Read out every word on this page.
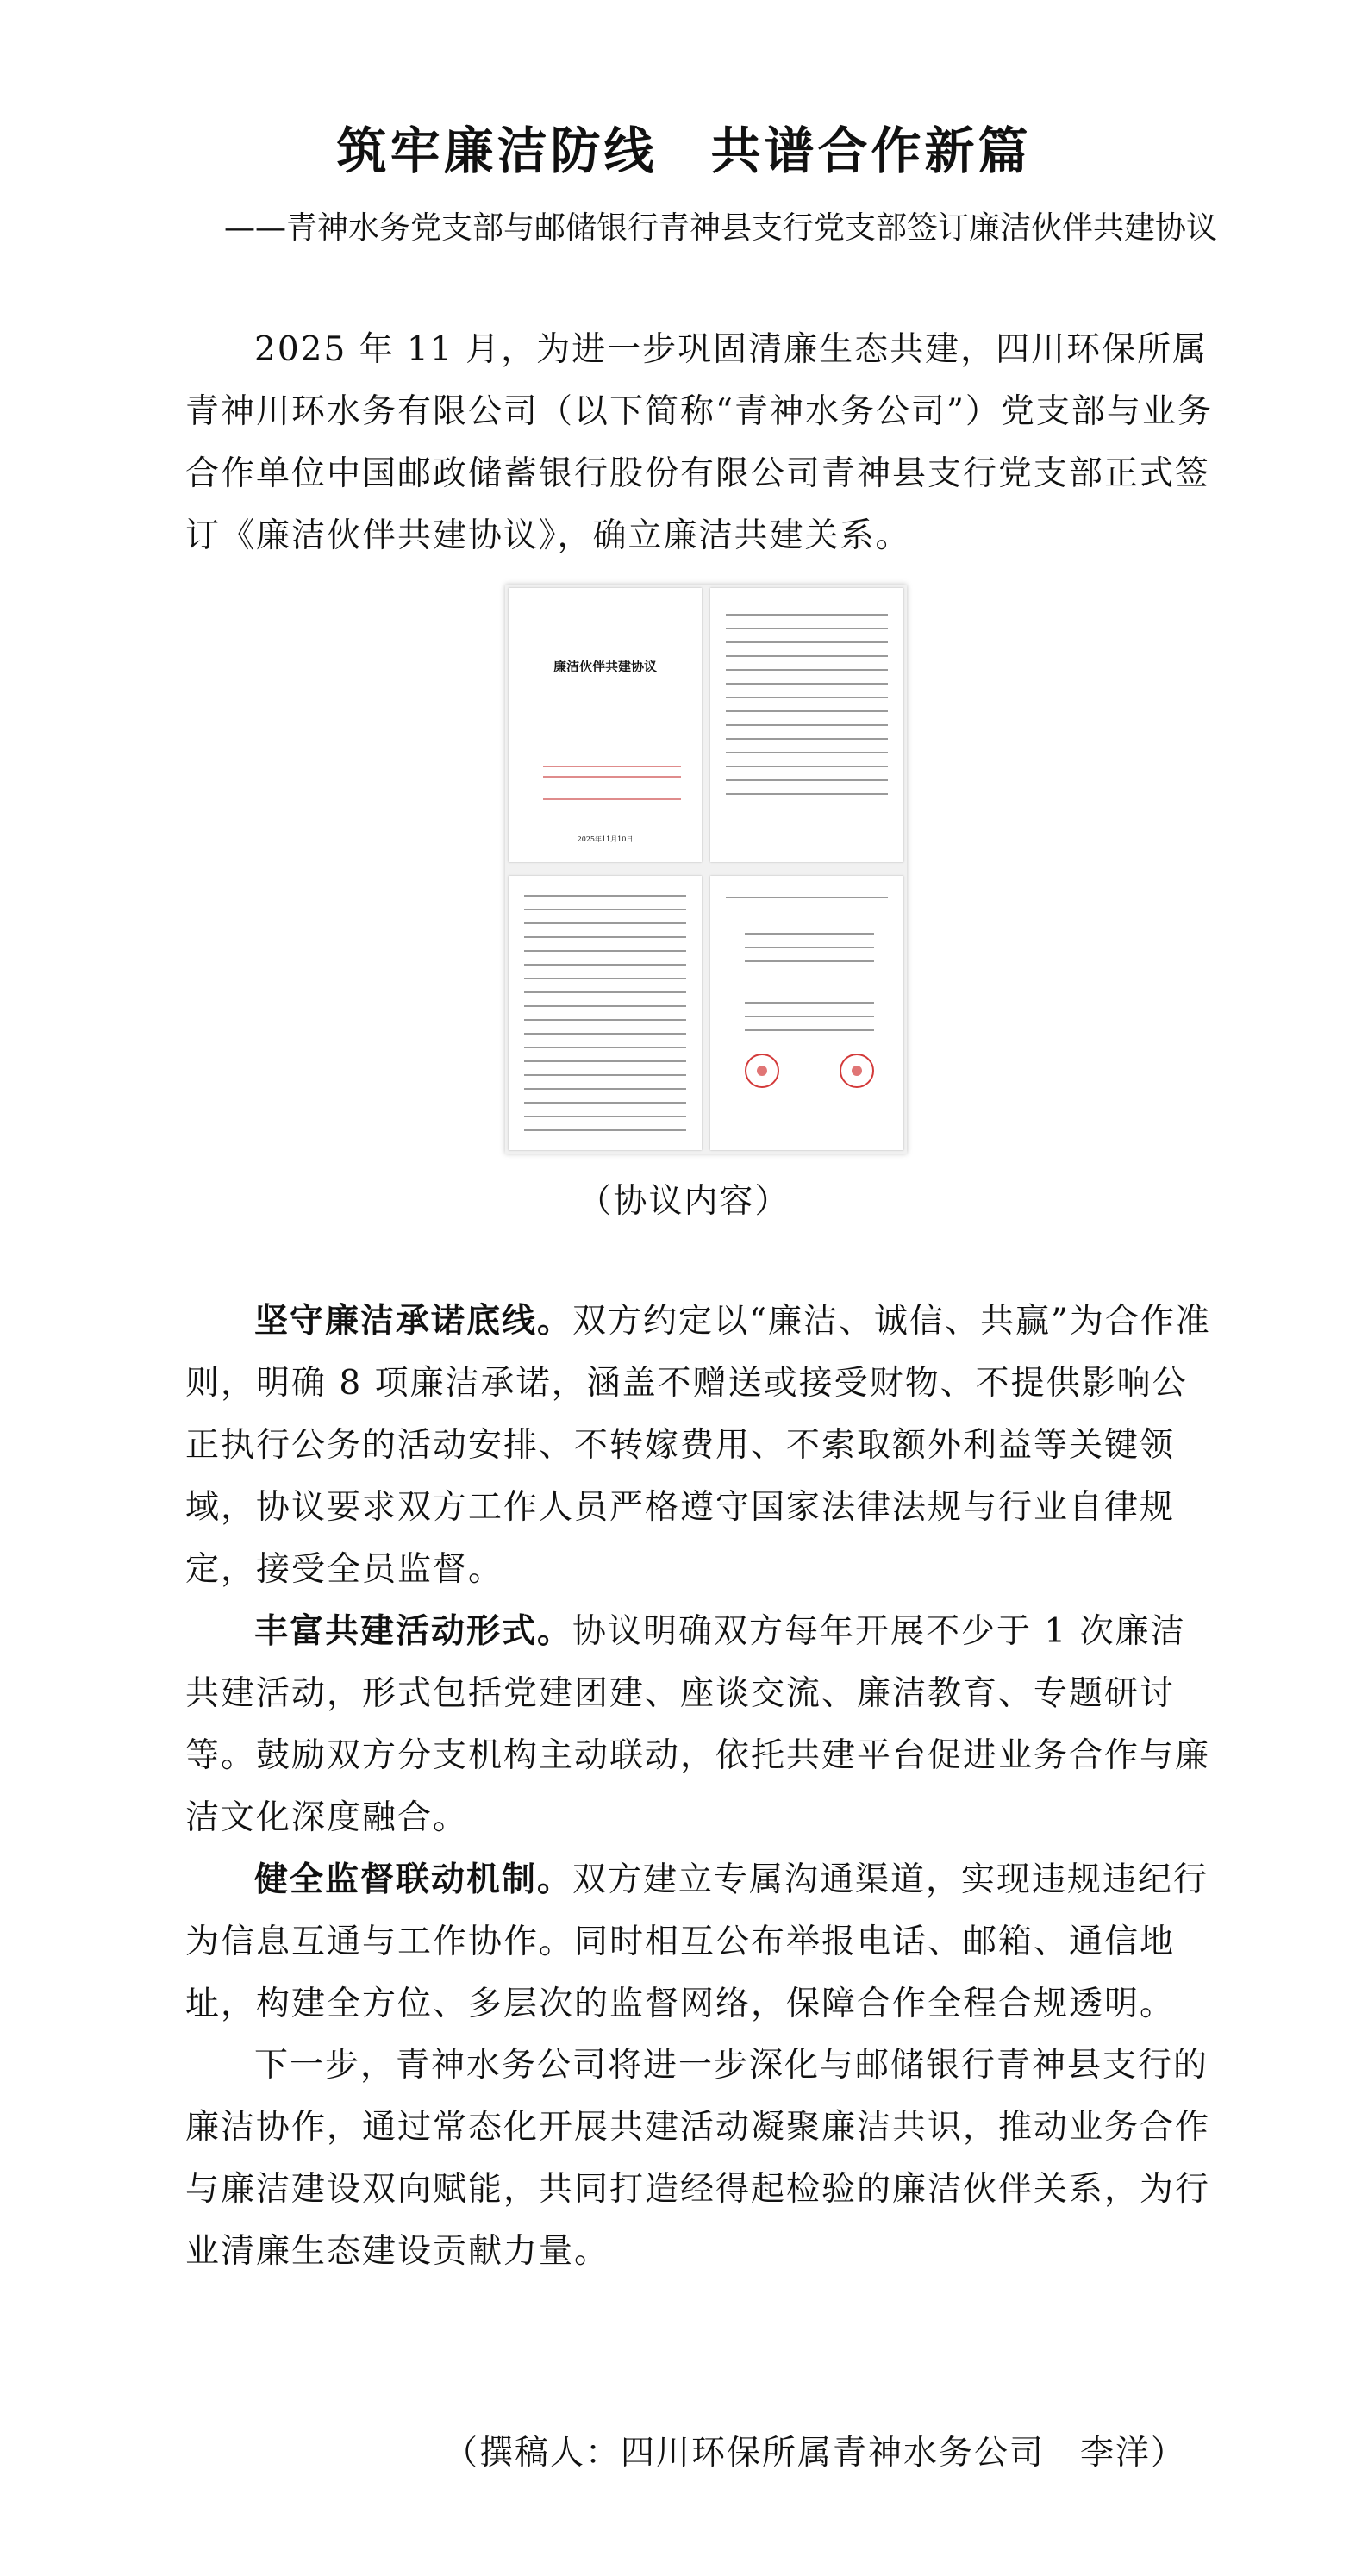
筑牢廉洁防线　共谱合作新篇
——青神水务党支部与邮储银行青神县支行党支部签订廉洁伙伴共建协议

2025 年 11 月，为进一步巩固清廉生态共建，四川环保所属青神川环水务有限公司（以下简称“青神水务公司”）党支部与业务合作单位中国邮政储蓄银行股份有限公司青神县支行党支部正式签订《廉洁伙伴共建协议》，确立廉洁共建关系。

廉洁伙伴共建协议
2025年11月10日
（协议内容）

坚守廉洁承诺底线。双方约定以“廉洁、诚信、共赢”为合作准则，明确 8 项廉洁承诺，涵盖不赠送或接受财物、不提供影响公正执行公务的活动安排、不转嫁费用、不索取额外利益等关键领域，协议要求双方工作人员严格遵守国家法律法规与行业自律规定，接受全员监督。

丰富共建活动形式。协议明确双方每年开展不少于 1 次廉洁共建活动，形式包括党建团建、座谈交流、廉洁教育、专题研讨等。鼓励双方分支机构主动联动，依托共建平台促进业务合作与廉洁文化深度融合。

健全监督联动机制。双方建立专属沟通渠道，实现违规违纪行为信息互通与工作协作。同时相互公布举报电话、邮箱、通信地址，构建全方位、多层次的监督网络，保障合作全程合规透明。

下一步，青神水务公司将进一步深化与邮储银行青神县支行的廉洁协作，通过常态化开展共建活动凝聚廉洁共识，推动业务合作与廉洁建设双向赋能，共同打造经得起检验的廉洁伙伴关系，为行业清廉生态建设贡献力量。

（撰稿人：四川环保所属青神水务公司　李洋）
